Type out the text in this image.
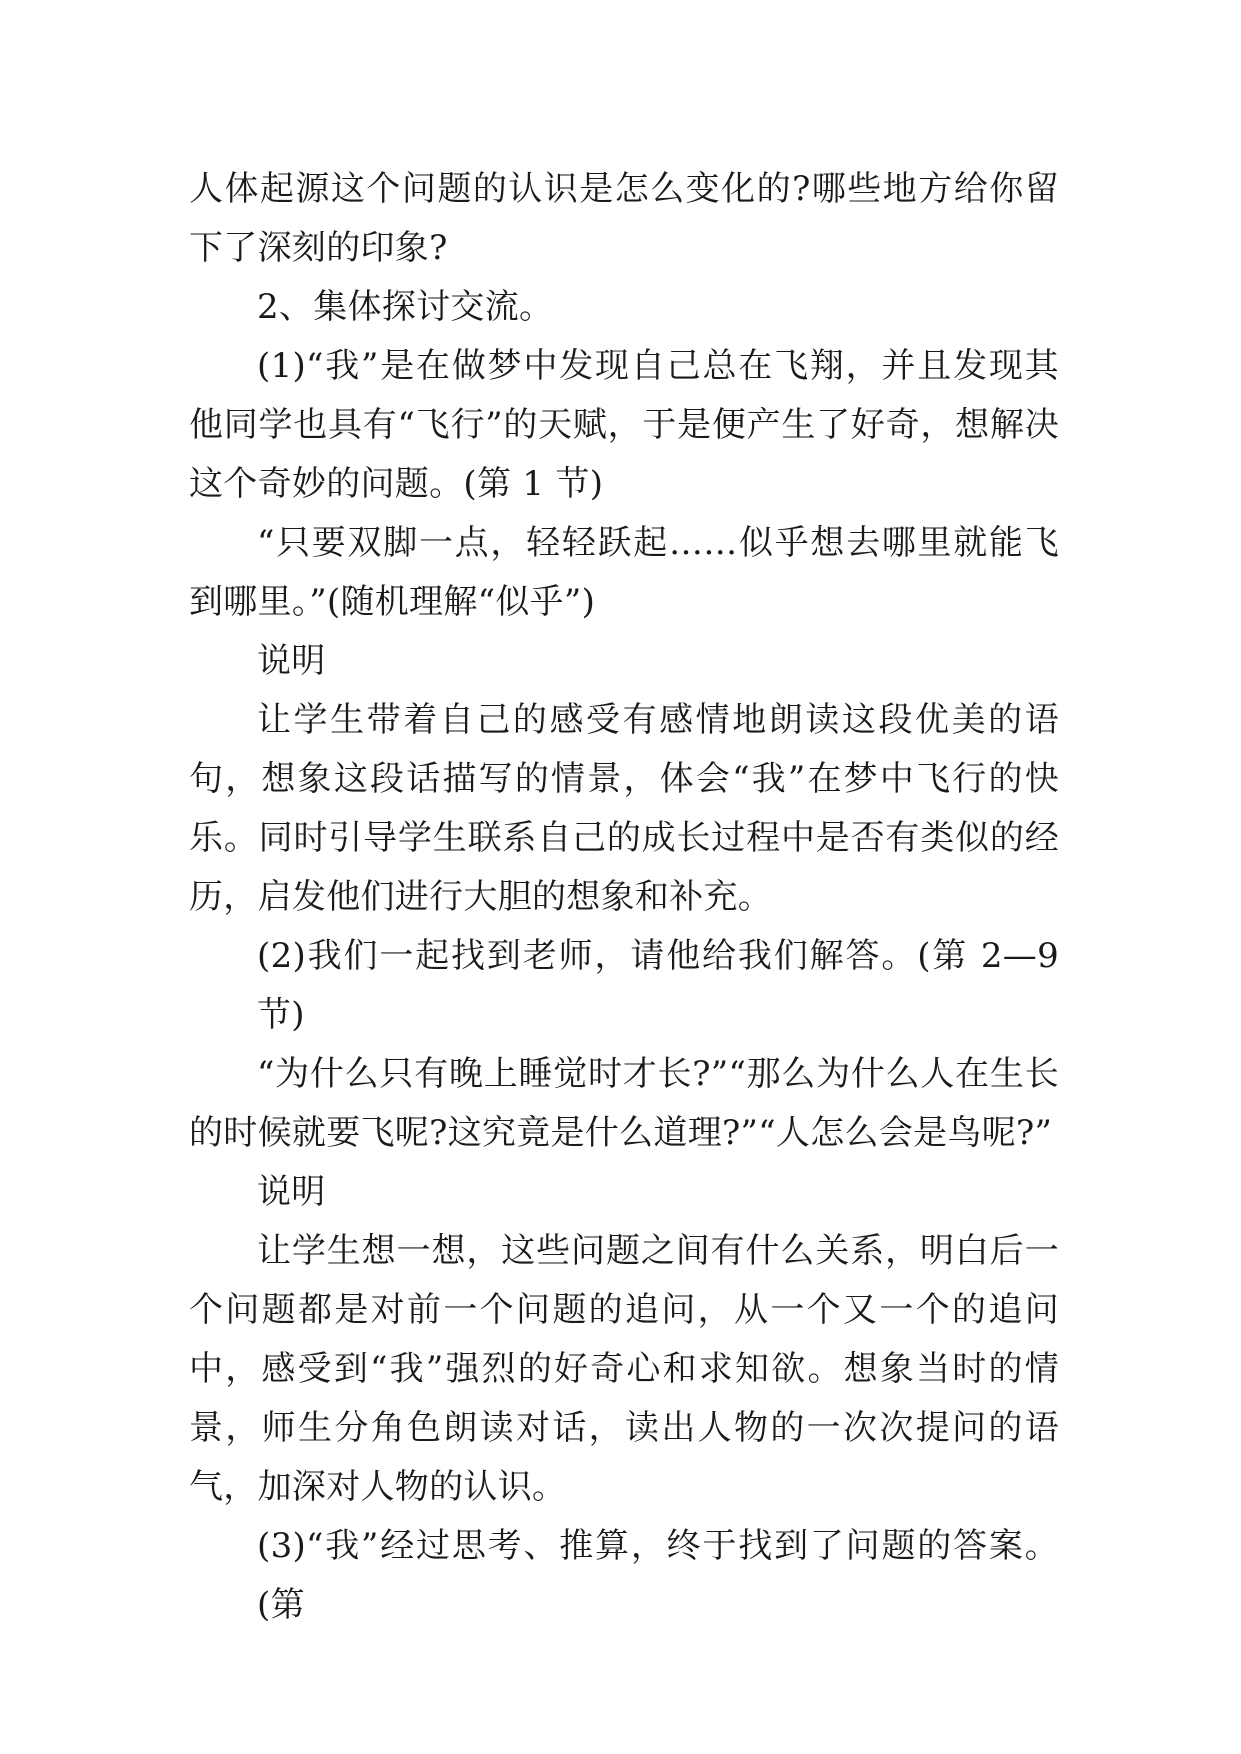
人体起源这个问题的认识是怎么变化的?哪些地方给你留下了深刻的印象?

2、集体探讨交流。

(1)“我”是在做梦中发现自己总在飞翔，并且发现其他同学也具有“飞行”的天赋，于是便产生了好奇，想解决这个奇妙的问题。(第 1 节)

“只要双脚一点，轻轻跃起……似乎想去哪里就能飞到哪里。”(随机理解“似乎”)

说明

让学生带着自己的感受有感情地朗读这段优美的语句，想象这段话描写的情景，体会“我”在梦中飞行的快乐。同时引导学生联系自己的成长过程中是否有类似的经历，启发他们进行大胆的想象和补充。

(2)我们一起找到老师，请他给我们解答。(第 2—9 节)

“为什么只有晚上睡觉时才长?”“那么为什么人在生长的时候就要飞呢?这究竟是什么道理?”“人怎么会是鸟呢?”

说明

让学生想一想，这些问题之间有什么关系，明白后一个问题都是对前一个问题的追问，从一个又一个的追问中，感受到“我”强烈的好奇心和求知欲。想象当时的情景，师生分角色朗读对话，读出人物的一次次提问的语气，加深对人物的认识。

(3)“我”经过思考、推算，终于找到了问题的答案。(第
